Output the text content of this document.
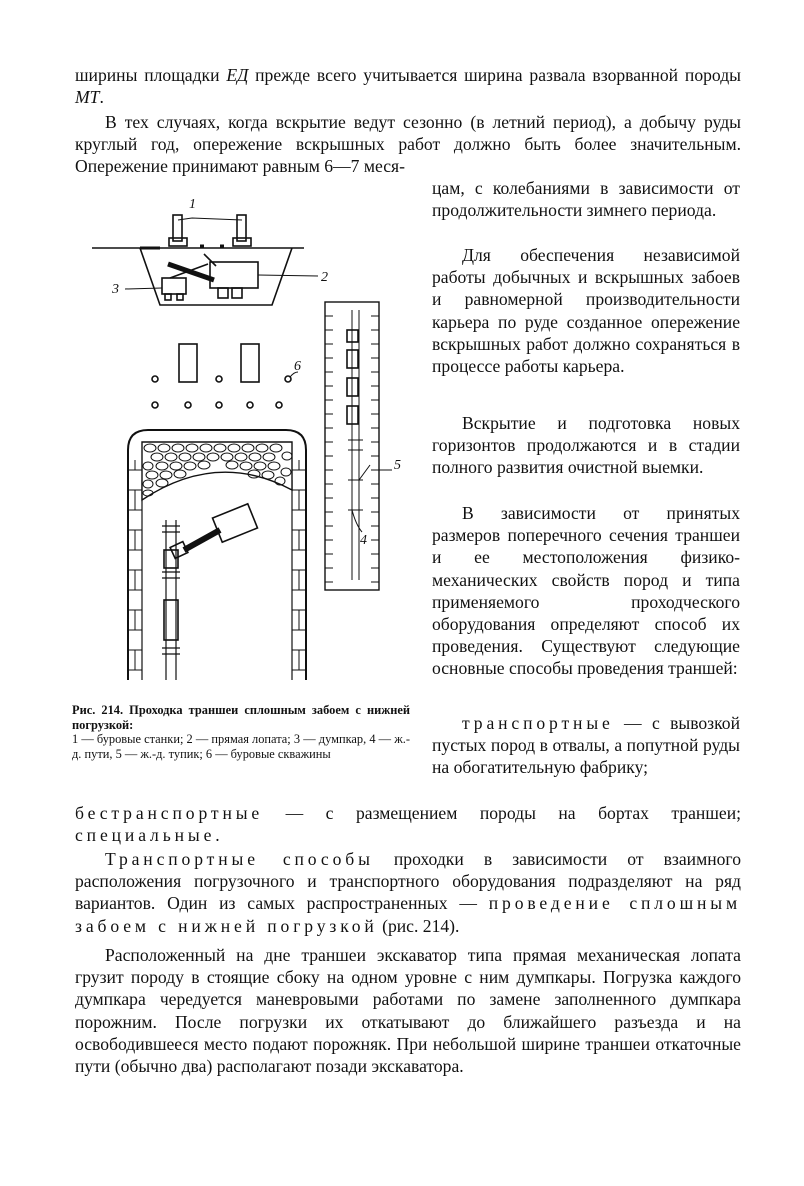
ширины площадки ЕД прежде всего учитывается ширина развала взорванной породы МТ.

В тех случаях, когда вскрытие ведут сезонно (в летний период), а добычу руды круглый год, опережение вскрышных работ должно быть более значительным. Опережение принимают равным 6—7 меся-

цам, с колебаниями в зависимости от продолжительности зимнего периода.

Для обеспечения независимой работы добычных и вскрышных забоев и равномерной производительности карьера по руде созданное опережение вскрышных работ должно сохраняться в процессе работы карьера.

Вскрытие и подготовка новых горизонтов продолжаются и в стадии полного развития очистной выемки.

В зависимости от принятых размеров поперечного сечения траншеи и ее местоположения физико-механических свойств пород и типа применяемого проходческого оборудования определяют способ их проведения. Существуют следующие основные способы проведения траншей:

транспортные — с вывозкой пустых пород в отвалы, а попутной руды на обогатительную фабрику;

бестранспортные — с размещением породы на бортах траншеи; специальные.

Транспортные способы проходки в зависимости от взаимного расположения погрузочного и транспортного оборудования подразделяют на ряд вариантов. Один из самых распространенных — проведение сплошным забоем с нижней погрузкой (рис. 214).

Расположенный на дне траншеи экскаватор типа прямая механическая лопата грузит породу в стоящие сбоку на одном уровне с ним думпкары. Погрузка каждого думпкара чередуется маневровыми работами по замене заполненного думпкара порожним. После погрузки их откатывают до ближайшего разъезда и на освободившееся место подают порожняк. При небольшой ширине траншеи откаточные пути (обычно два) располагают позади экскаватора.

Рис. 214. Проходка траншеи сплошным забоем с нижней погрузкой:
1 — буровые станки; 2 — прямая лопата; 3 — думпкар, 4 — ж.-д. пути, 5 — ж.-д. тупик; 6 — буровые скважины
1
2
3
6
5
4
